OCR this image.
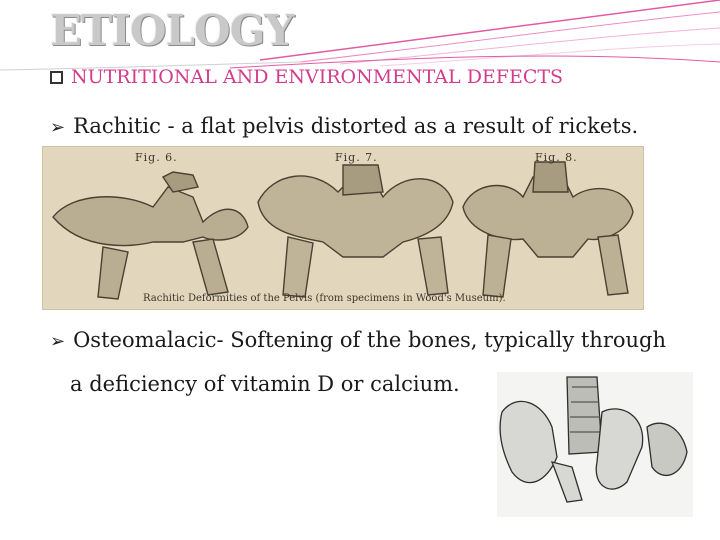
ETIOLOGY
NUTRITIONAL AND ENVIRONMENTAL DEFECTS
➢ Rachitic - a flat pelvis distorted as a result of rickets.
Fig. 6.	Fig. 7.	Fig. 8.
Rachitic Deformities of the Pelvis (from specimens in Wood's Museum).
➢ Osteomalacic- Softening of the bones, typically through
a deficiency of vitamin D or calcium.
